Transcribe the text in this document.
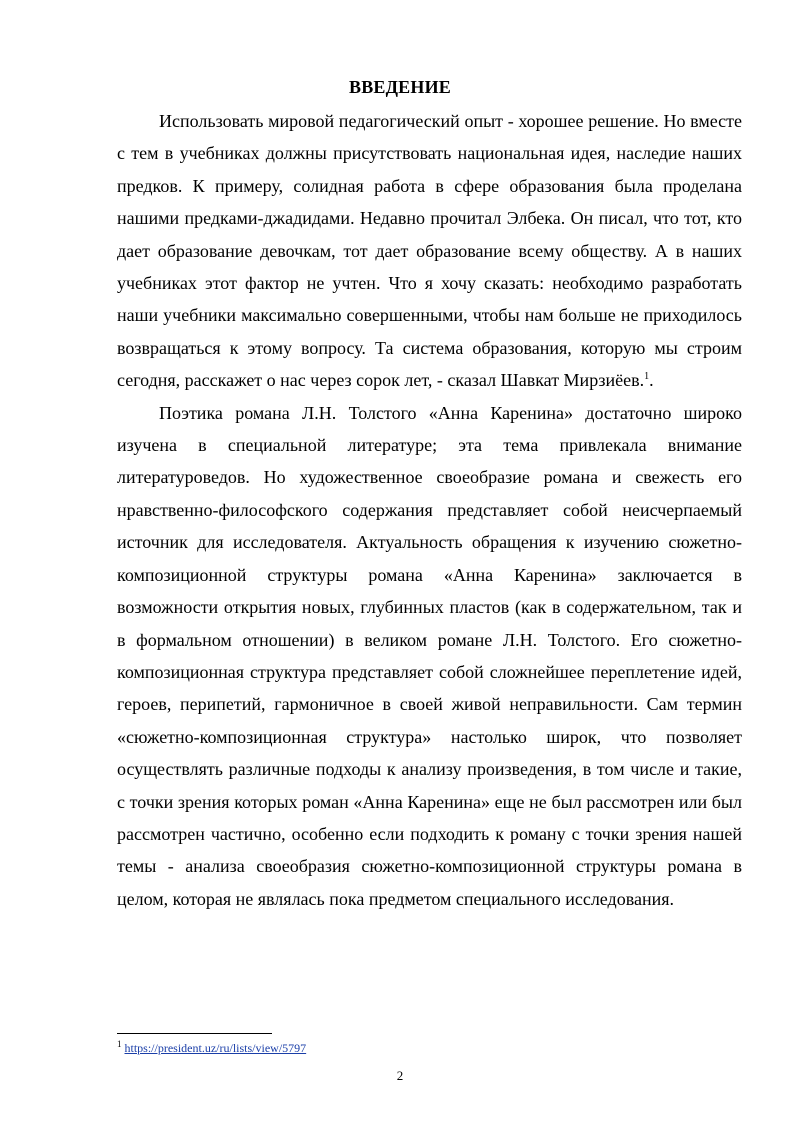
ВВЕДЕНИЕ

Использовать мировой педагогический опыт - хорошее решение. Но вместе с тем в учебниках должны присутствовать национальная идея, наследие наших предков. К примеру, солидная работа в сфере образования была проделана нашими предками-джадидами. Недавно прочитал Элбека. Он писал, что тот, кто дает образование девочкам, тот дает образование всему обществу. А в наших учебниках этот фактор не учтен. Что я хочу сказать: необходимо разработать наши учебники максимально совершенными, чтобы нам больше не приходилось возвращаться к этому вопросу. Та система образования, которую мы строим сегодня, расскажет о нас через сорок лет, - сказал Шавкат Мирзиёев.$^1$.

Поэтика романа Л.Н. Толстого «Анна Каренина» достаточно широко изучена в специальной литературе; эта тема привлекала внимание литературоведов. Но художественное своеобразие романа и свежесть его нравственно-философского содержания представляет собой неисчерпаемый источник для исследователя. Актуальность обращения к изучению сюжетно-композиционной структуры романа «Анна Каренина» заключается в возможности открытия новых, глубинных пластов (как в содержательном, так и в формальном отношении) в великом романе Л.Н. Толстого. Его сюжетно-композиционная структура представляет собой сложнейшее переплетение идей, героев, перипетий, гармоничное в своей живой неправильности. Сам термин «сюжетно-композиционная структура» настолько широк, что позволяет осуществлять различные подходы к анализу произведения, в том числе и такие, с точки зрения которых роман «Анна Каренина» еще не был рассмотрен или был рассмотрен частично, особенно если подходить к роману с точки зрения нашей темы - анализа своеобразия сюжетно-композиционной структуры романа в целом, которая не являлась пока предметом специального исследования.

$^1$ https://president.uz/ru/lists/view/5797
2
